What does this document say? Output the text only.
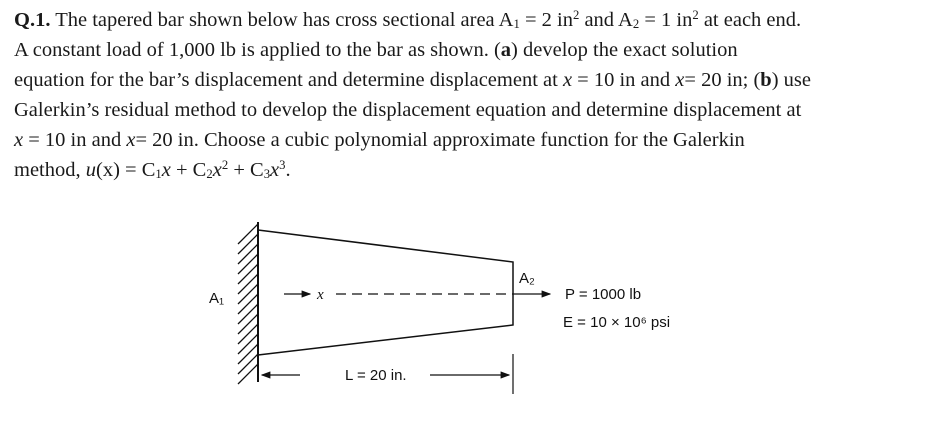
Q.1. The tapered bar shown below has cross sectional area $A_1 = 2$ $in^2$ and $A_2 = 1$ $in^2$ at each end.

A constant load of 1,000 lb is applied to the bar as shown. (a) develop the exact solution

equation for the bar’s displacement and determine displacement at x = 10 in and x= 20 in; (b) use

Galerkin’s residual method to develop the displacement equation and determine displacement at

x = 10 in and x= 20 in. Choose a cubic polynomial approximate function for the Galerkin

method, $u(x) = C_1x + C_2x^2 + C_3x^3$.

x
A₁
A₂
P = 1000 lb
E = 10 × 10⁶ psi
L = 20 in.
